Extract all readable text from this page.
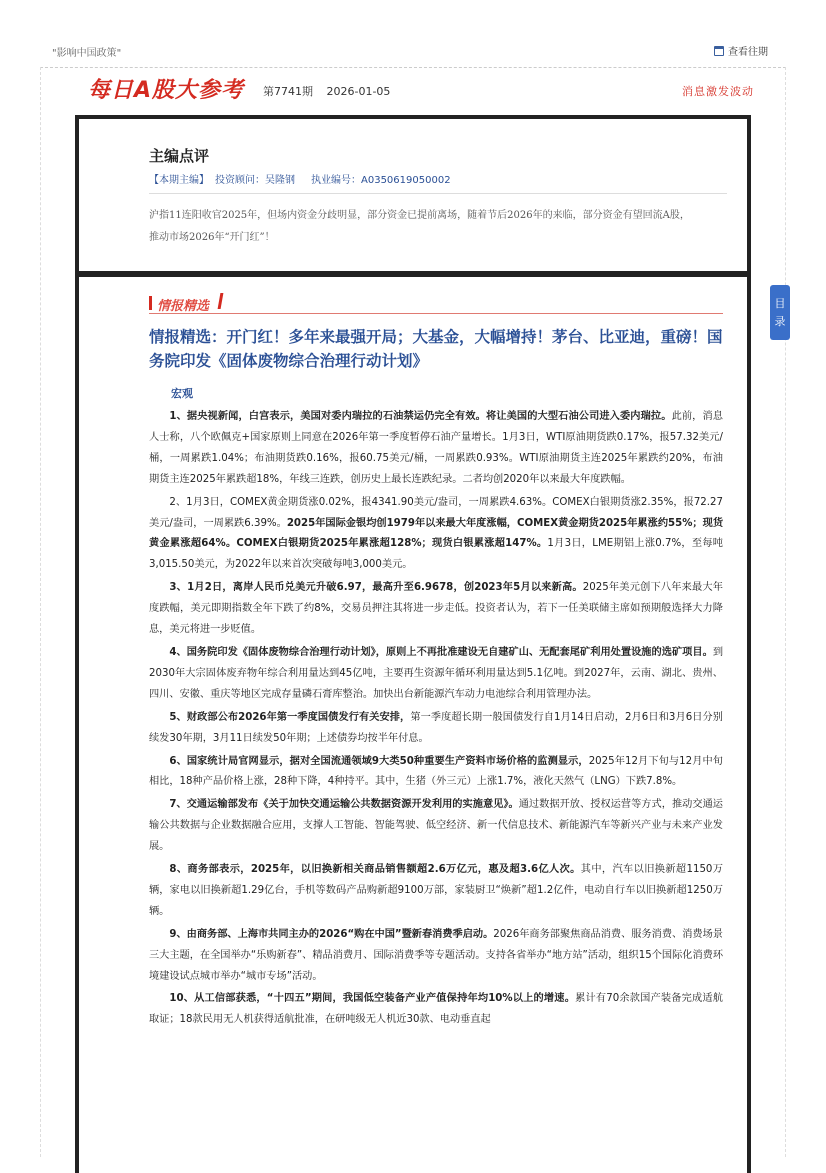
"影响中国政策"	查看往期
每日A股大参考 第7741期 2026-01-05	消息激发波动
主编点评
【本期主编】 投资顾问：吴隆钢 执业编号：A0350619050002
沪指11连阳收官2025年，但场内资金分歧明显，部分资金已提前离场，随着节后2026年的来临，部分资金有望回流A股，推动市场2026年“开门红”！
目
录
情报精选
情报精选：开门红！多年来最强开局；大基金，大幅增持！茅台、比亚迪，重磅！国务院印发《固体废物综合治理行动计划》
宏观

1、据央视新闻，白宫表示，美国对委内瑞拉的石油禁运仍完全有效。将让美国的大型石油公司进入委内瑞拉。此前，消息人士称，八个欧佩克+国家原则上同意在2026年第一季度暂停石油产量增长。1月3日，WTI原油期货跌0.17%，报57.32美元/桶，一周累跌1.04%；布油期货跌0.16%，报60.75美元/桶，一周累跌0.93%。WTI原油期货主连2025年累跌约20%，布油期货主连2025年累跌超18%，年线三连跌，创历史上最长连跌纪录。二者均创2020年以来最大年度跌幅。

2、1月3日，COMEX黄金期货涨0.02%，报4341.90美元/盎司，一周累跌4.63%。COMEX白银期货涨2.35%，报72.27美元/盎司，一周累跌6.39%。2025年国际金银均创1979年以来最大年度涨幅，COMEX黄金期货2025年累涨约55%；现货黄金累涨超64%。COMEX白银期货2025年累涨超128%；现货白银累涨超147%。1月3日，LME期铝上涨0.7%，至每吨3,015.50美元，为2022年以来首次突破每吨3,000美元。

3、1月2日，离岸人民币兑美元升破6.97，最高升至6.9678，创2023年5月以来新高。2025年美元创下八年来最大年度跌幅，美元即期指数全年下跌了约8%，交易员押注其将进一步走低。投资者认为，若下一任美联储主席如预期般选择大力降息，美元将进一步贬值。

4、国务院印发《固体废物综合治理行动计划》，原则上不再批准建设无自建矿山、无配套尾矿利用处置设施的选矿项目。到2030年大宗固体废弃物年综合利用量达到45亿吨，主要再生资源年循环利用量达到5.1亿吨。到2027年，云南、湖北、贵州、四川、安徽、重庆等地区完成存量磷石膏库整治。加快出台新能源汽车动力电池综合利用管理办法。

5、财政部公布2026年第一季度国债发行有关安排，第一季度超长期一般国债发行自1月14日启动，2月6日和3月6日分别续发30年期，3月11日续发50年期；上述债券均按半年付息。

6、国家统计局官网显示，据对全国流通领域9大类50种重要生产资料市场价格的监测显示，2025年12月下旬与12月中旬相比，18种产品价格上涨，28种下降，4种持平。其中，生猪（外三元）上涨1.7%，液化天然气（LNG）下跌7.8%。

7、交通运输部发布《关于加快交通运输公共数据资源开发利用的实施意见》。通过数据开放、授权运营等方式，推动交通运输公共数据与企业数据融合应用，支撑人工智能、智能驾驶、低空经济、新一代信息技术、新能源汽车等新兴产业与未来产业发展。

8、商务部表示，2025年，以旧换新相关商品销售额超2.6万亿元，惠及超3.6亿人次。其中，汽车以旧换新超1150万辆，家电以旧换新超1.29亿台，手机等数码产品购新超9100万部，家装厨卫“焕新”超1.2亿件，电动自行车以旧换新超1250万辆。

9、由商务部、上海市共同主办的2026“购在中国”暨新春消费季启动。2026年商务部聚焦商品消费、服务消费、消费场景三大主题，在全国举办“乐购新春”、精品消费月、国际消费季等专题活动。支持各省举办“地方站”活动，组织15个国际化消费环境建设试点城市举办“城市专场”活动。

10、从工信部获悉，“十四五”期间，我国低空装备产业产值保持年均10%以上的增速。累计有70余款国产装备完成适航取证；18款民用无人机获得适航批准，在研吨级无人机近30款、电动垂直起
